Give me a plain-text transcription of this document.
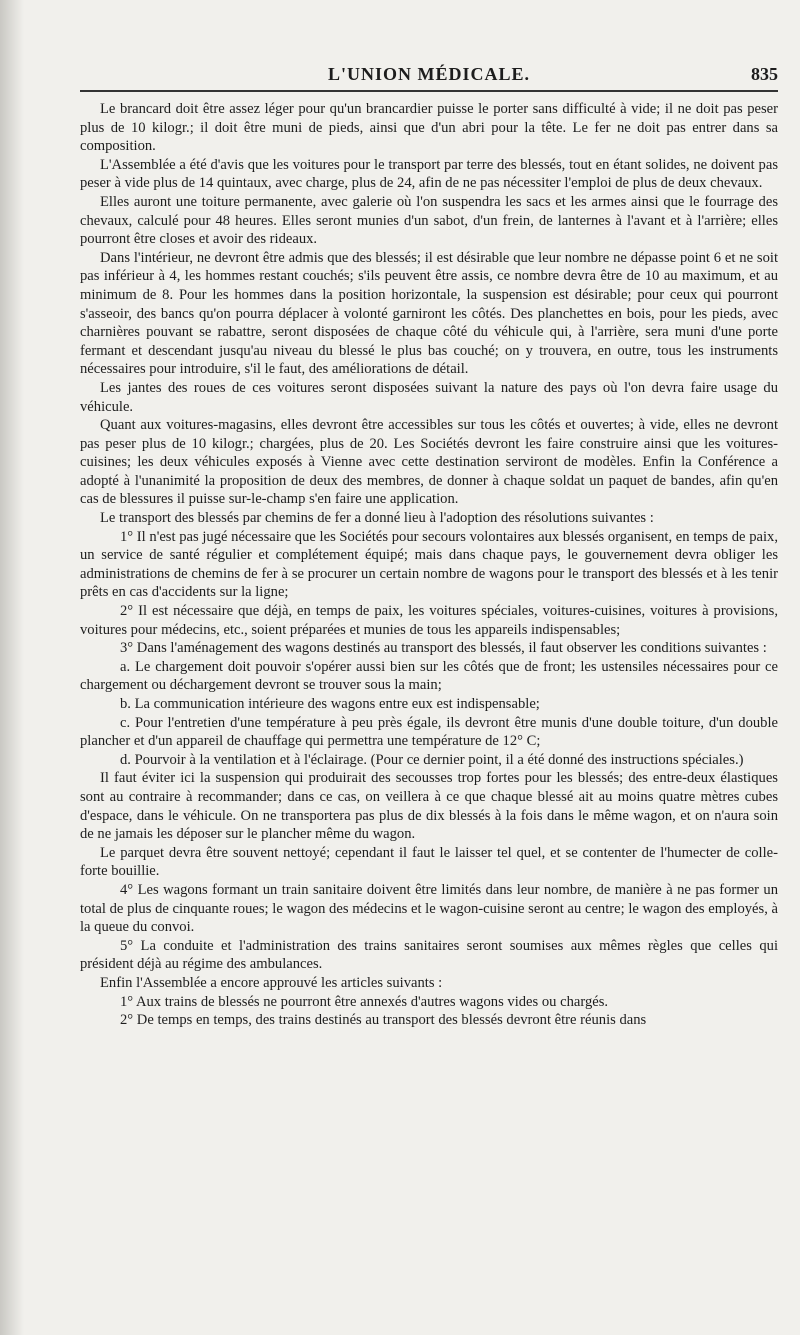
L'UNION MÉDICALE.	835

Le brancard doit être assez léger pour qu'un brancardier puisse le porter sans difficulté à vide; il ne doit pas peser plus de 10 kilogr.; il doit être muni de pieds, ainsi que d'un abri pour la tête. Le fer ne doit pas entrer dans sa composition.

L'Assemblée a été d'avis que les voitures pour le transport par terre des blessés, tout en étant solides, ne doivent pas peser à vide plus de 14 quintaux, avec charge, plus de 24, afin de ne pas nécessiter l'emploi de plus de deux chevaux.

Elles auront une toiture permanente, avec galerie où l'on suspendra les sacs et les armes ainsi que le fourrage des chevaux, calculé pour 48 heures. Elles seront munies d'un sabot, d'un frein, de lanternes à l'avant et à l'arrière; elles pourront être closes et avoir des rideaux.

Dans l'intérieur, ne devront être admis que des blessés; il est désirable que leur nombre ne dépasse point 6 et ne soit pas inférieur à 4, les hommes restant couchés; s'ils peuvent être assis, ce nombre devra être de 10 au maximum, et au minimum de 8. Pour les hommes dans la position horizontale, la suspension est désirable; pour ceux qui pourront s'asseoir, des bancs qu'on pourra déplacer à volonté garniront les côtés. Des planchettes en bois, pour les pieds, avec charnières pouvant se rabattre, seront disposées de chaque côté du véhicule qui, à l'arrière, sera muni d'une porte fermant et descendant jusqu'au niveau du blessé le plus bas couché; on y trouvera, en outre, tous les instruments nécessaires pour introduire, s'il le faut, des améliorations de détail.

Les jantes des roues de ces voitures seront disposées suivant la nature des pays où l'on devra faire usage du véhicule.

Quant aux voitures-magasins, elles devront être accessibles sur tous les côtés et ouvertes; à vide, elles ne devront pas peser plus de 10 kilogr.; chargées, plus de 20. Les Sociétés devront les faire construire ainsi que les voitures-cuisines; les deux véhicules exposés à Vienne avec cette destination serviront de modèles. Enfin la Conférence a adopté à l'unanimité la proposition de deux des membres, de donner à chaque soldat un paquet de bandes, afin qu'en cas de blessures il puisse sur-le-champ s'en faire une application.

Le transport des blessés par chemins de fer a donné lieu à l'adoption des résolutions suivantes :

1° Il n'est pas jugé nécessaire que les Sociétés pour secours volontaires aux blessés organisent, en temps de paix, un service de santé régulier et complétement équipé; mais dans chaque pays, le gouvernement devra obliger les administrations de chemins de fer à se procurer un certain nombre de wagons pour le transport des blessés et à les tenir prêts en cas d'accidents sur la ligne;

2° Il est nécessaire que déjà, en temps de paix, les voitures spéciales, voitures-cuisines, voitures à provisions, voitures pour médecins, etc., soient préparées et munies de tous les appareils indispensables;

3° Dans l'aménagement des wagons destinés au transport des blessés, il faut observer les conditions suivantes :

a. Le chargement doit pouvoir s'opérer aussi bien sur les côtés que de front; les ustensiles nécessaires pour ce chargement ou déchargement devront se trouver sous la main;

b. La communication intérieure des wagons entre eux est indispensable;

c. Pour l'entretien d'une température à peu près égale, ils devront être munis d'une double toiture, d'un double plancher et d'un appareil de chauffage qui permettra une température de 12° C;

d. Pourvoir à la ventilation et à l'éclairage. (Pour ce dernier point, il a été donné des instructions spéciales.)

Il faut éviter ici la suspension qui produirait des secousses trop fortes pour les blessés; des entre-deux élastiques sont au contraire à recommander; dans ce cas, on veillera à ce que chaque blessé ait au moins quatre mètres cubes d'espace, dans le véhicule. On ne transportera pas plus de dix blessés à la fois dans le même wagon, et on n'aura soin de ne jamais les déposer sur le plancher même du wagon.

Le parquet devra être souvent nettoyé; cependant il faut le laisser tel quel, et se contenter de l'humecter de colle-forte bouillie.

4° Les wagons formant un train sanitaire doivent être limités dans leur nombre, de manière à ne pas former un total de plus de cinquante roues; le wagon des médecins et le wagon-cuisine seront au centre; le wagon des employés, à la queue du convoi.

5° La conduite et l'administration des trains sanitaires seront soumises aux mêmes règles que celles qui président déjà au régime des ambulances.

Enfin l'Assemblée a encore approuvé les articles suivants :

1° Aux trains de blessés ne pourront être annexés d'autres wagons vides ou chargés.

2° De temps en temps, des trains destinés au transport des blessés devront être réunis dans
